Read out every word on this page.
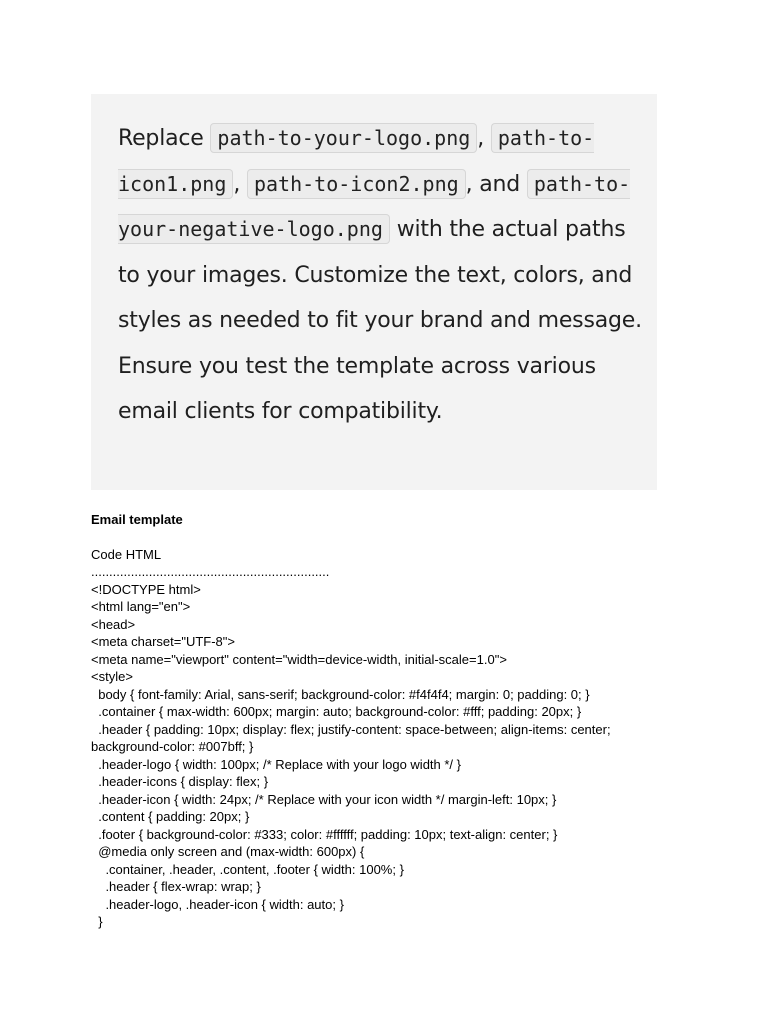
Replace path-to-your-logo.png , path-to-icon1.png , path-to-icon2.png , and path-to-your-negative-logo.png with the actual paths to your images. Customize the text, colors, and styles as needed to fit your brand and message. Ensure you test the template across various email clients for compatibility.
Email template
Code HTML
..................................................................
<!DOCTYPE html>
<html lang="en">
<head>
<meta charset="UTF-8">
<meta name="viewport" content="width=device-width, initial-scale=1.0">
<style>
body { font-family: Arial, sans-serif; background-color: #f4f4f4; margin: 0; padding: 0; }
.container { max-width: 600px; margin: auto; background-color: #fff; padding: 20px; }
.header { padding: 10px; display: flex; justify-content: space-between; align-items: center;
background-color: #007bff; }
.header-logo { width: 100px; /* Replace with your logo width */ }
.header-icons { display: flex; }
.header-icon { width: 24px; /* Replace with your icon width */ margin-left: 10px; }
.content { padding: 20px; }
.footer { background-color: #333; color: #ffffff; padding: 10px; text-align: center; }
@media only screen and (max-width: 600px) {
.container, .header, .content, .footer { width: 100%; }
.header { flex-wrap: wrap; }
.header-logo, .header-icon { width: auto; }
}
